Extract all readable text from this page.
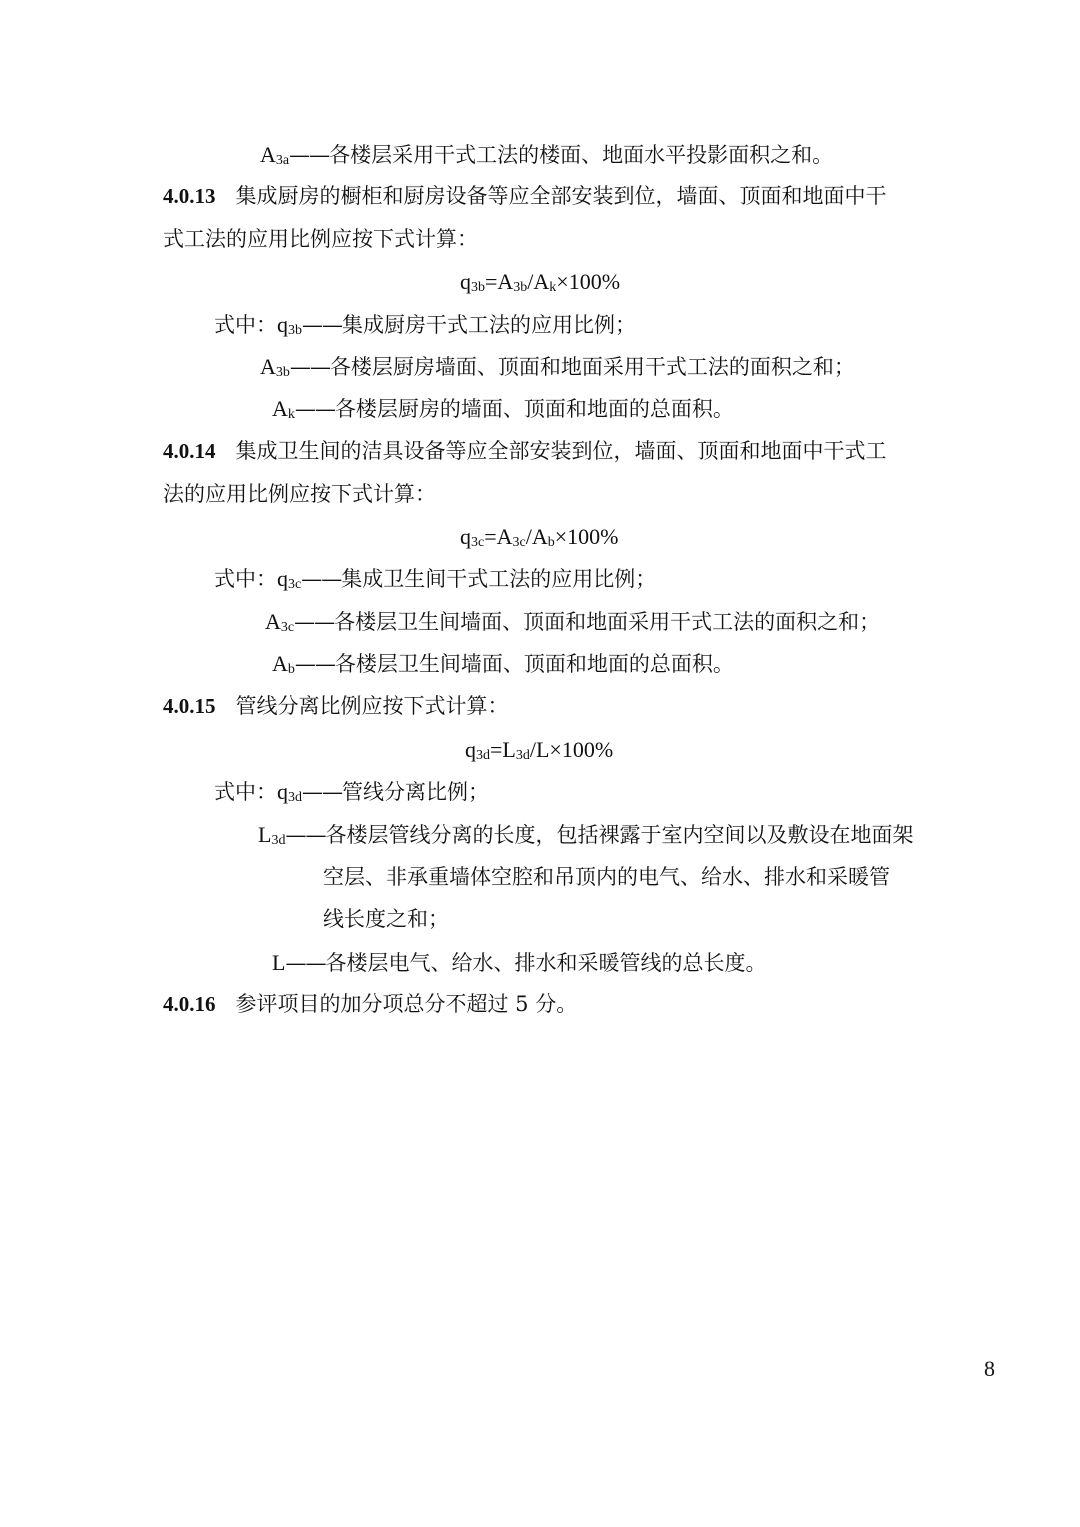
$A_{3a}——$各楼层采用干式工法的楼面、地面水平投影面积之和。
4.0.13 集成厨房的橱柜和厨房设备等应全部安装到位，墙面、顶面和地面中干
式工法的应用比例应按下式计算：
$q_{3b}=A_{3b}/A_k\times 100\%$
式中：$q_{3b}——$集成厨房干式工法的应用比例；
$A_{3b}——$各楼层厨房墙面、顶面和地面采用干式工法的面积之和；
$A_k——$各楼层厨房的墙面、顶面和地面的总面积。
4.0.14 集成卫生间的洁具设备等应全部安装到位，墙面、顶面和地面中干式工
法的应用比例应按下式计算：
$q_{3c}=A_{3c}/A_b\times 100\%$
式中：$q_{3c}——$集成卫生间干式工法的应用比例；
$A_{3c}——$各楼层卫生间墙面、顶面和地面采用干式工法的面积之和；
$A_b——$各楼层卫生间墙面、顶面和地面的总面积。
4.0.15 管线分离比例应按下式计算：
$q_{3d}=L_{3d}/L\times 100\%$
式中：$q_{3d}——$管线分离比例；
$L_{3d}——$各楼层管线分离的长度，包括裸露于室内空间以及敷设在地面架
空层、非承重墙体空腔和吊顶内的电气、给水、排水和采暖管
线长度之和；
L——各楼层电气、给水、排水和采暖管线的总长度。
4.0.16 参评项目的加分项总分不超过 5 分。
8
